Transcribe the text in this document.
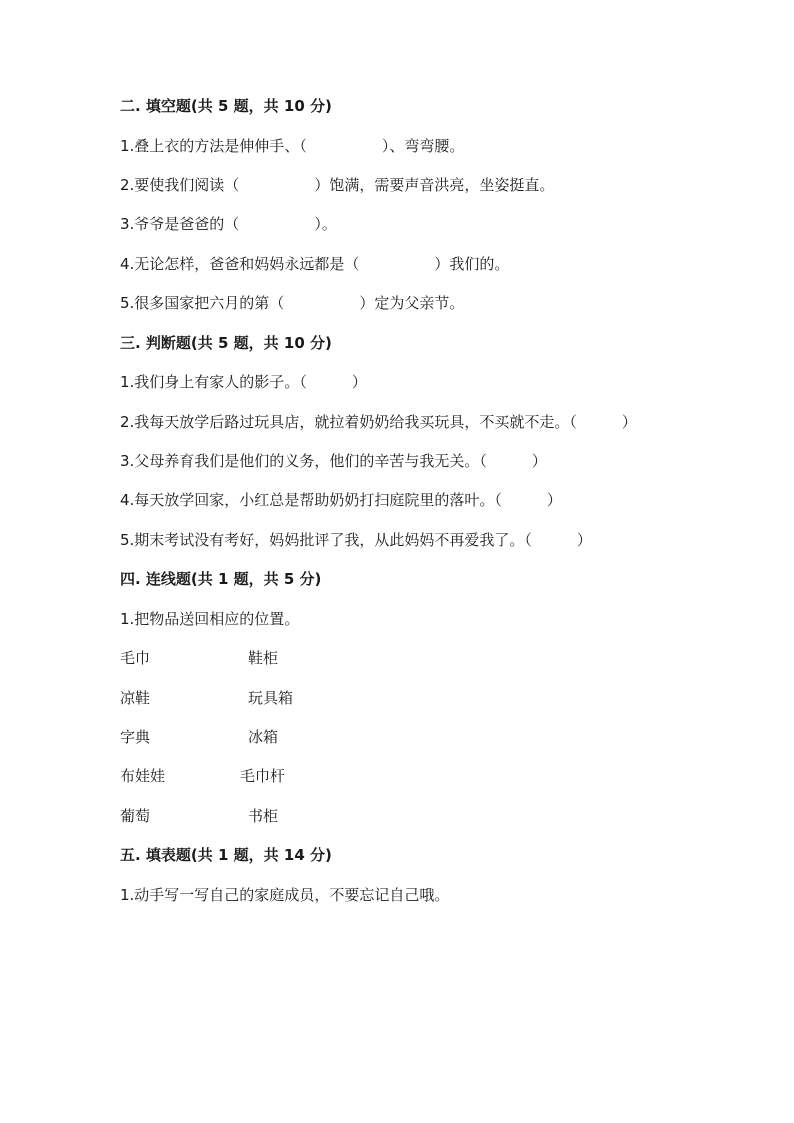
二. 填空题(共 5 题，共 10 分)
1.叠上衣的方法是伸伸手、（　　　　　）、弯弯腰。
2.要使我们阅读（　　　　　）饱满，需要声音洪亮，坐姿挺直。
3.爷爷是爸爸的（　　　　　）。
4.无论怎样，爸爸和妈妈永远都是（　　　　　）我们的。
5.很多国家把六月的第（　　　　　）定为父亲节。
三. 判断题(共 5 题，共 10 分)
1.我们身上有家人的影子。（　　　）
2.我每天放学后路过玩具店，就拉着奶奶给我买玩具，不买就不走。（　　　）
3.父母养育我们是他们的义务，他们的辛苦与我无关。（　　　）
4.每天放学回家，小红总是帮助奶奶打扫庭院里的落叶。（　　　）
5.期末考试没有考好，妈妈批评了我，从此妈妈不再爱我了。（　　　）
四. 连线题(共 1 题，共 5 分)
1.把物品送回相应的位置。
毛巾	鞋柜
凉鞋	玩具箱
字典	冰箱
布娃娃	毛巾杆
葡萄	书柜
五. 填表题(共 1 题，共 14 分)
1.动手写一写自己的家庭成员，不要忘记自己哦。
